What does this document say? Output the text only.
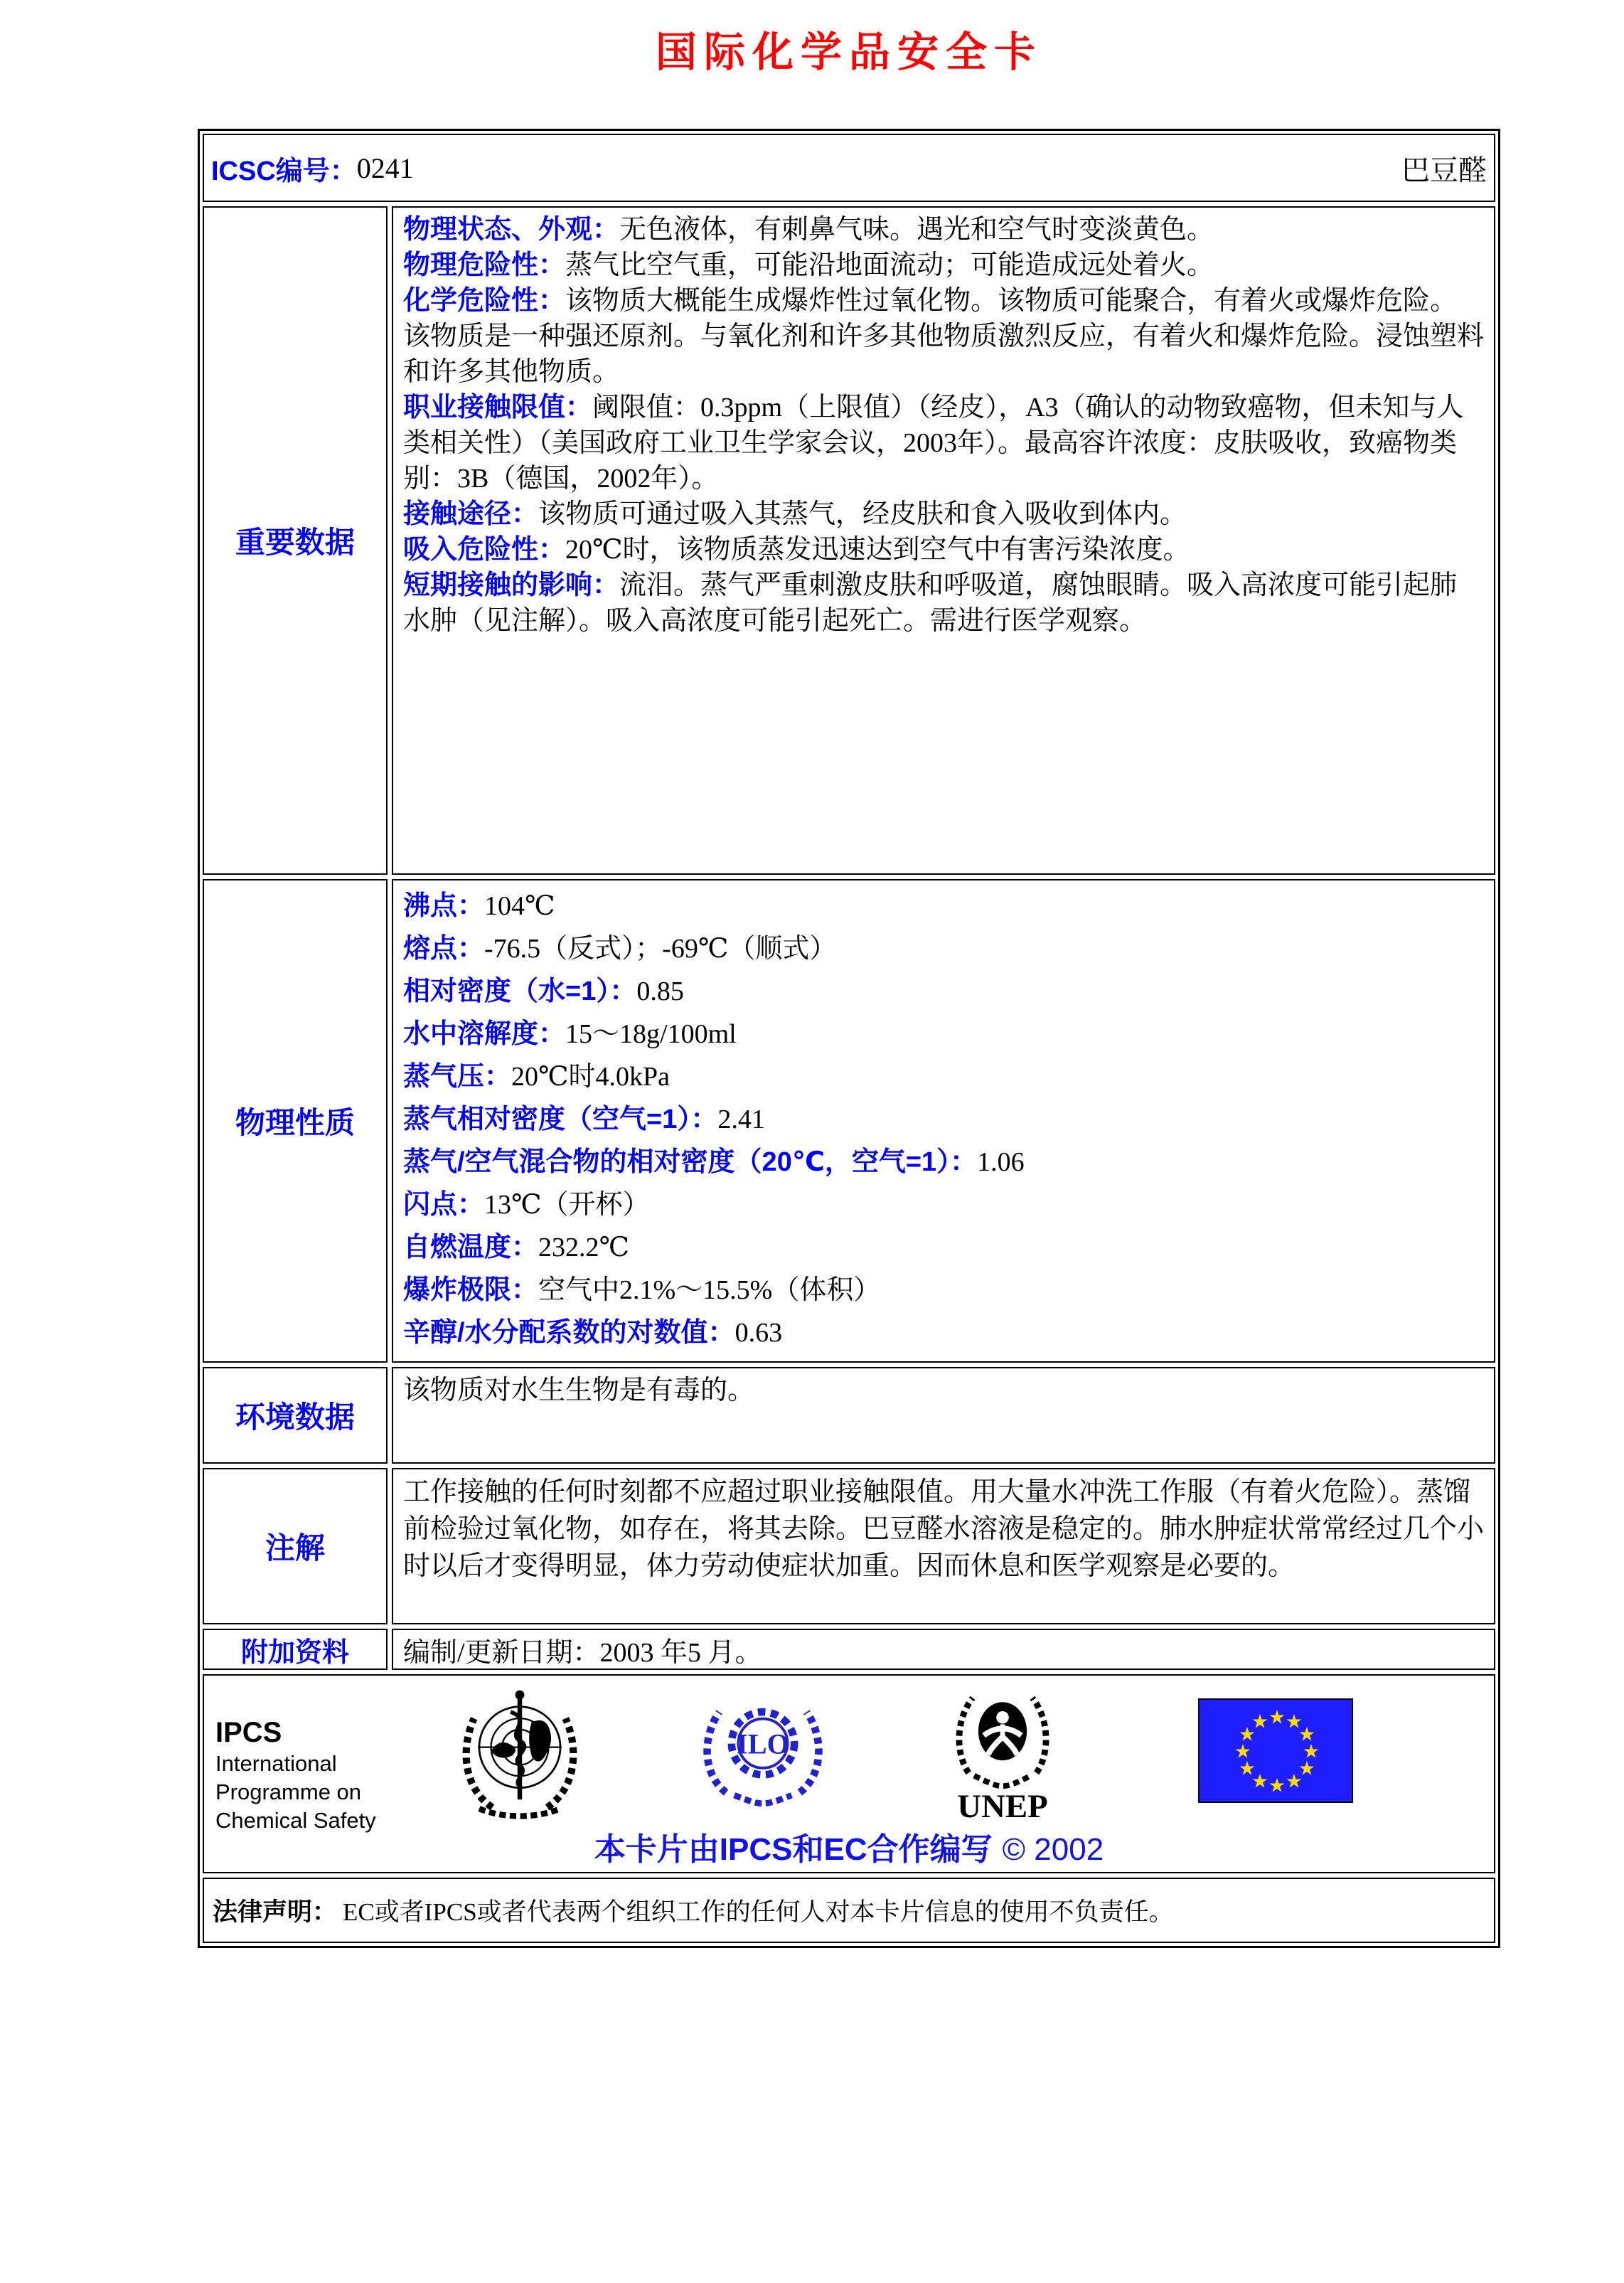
国际化学品安全卡
ICSC编号： 0241	巴豆醛
重要数据
物理状态、外观：无色液体，有刺鼻气味。遇光和空气时变淡黄色。
物理危险性：蒸气比空气重，可能沿地面流动；可能造成远处着火。
化学危险性：该物质大概能生成爆炸性过氧化物。该物质可能聚合，有着火或爆炸危险。该物质是一种强还原剂。与氧化剂和许多其他物质激烈反应，有着火和爆炸危险。浸蚀塑料和许多其他物质。
职业接触限值：阈限值：0.3ppm（上限值）（经皮），A3（确认的动物致癌物，但未知与人类相关性）（美国政府工业卫生学家会议，2003年）。最高容许浓度：皮肤吸收，致癌物类别：3B（德国，2002年）。
接触途径：该物质可通过吸入其蒸气，经皮肤和食入吸收到体内。
吸入危险性：20℃时，该物质蒸发迅速达到空气中有害污染浓度。
短期接触的影响：流泪。蒸气严重刺激皮肤和呼吸道，腐蚀眼睛。吸入高浓度可能引起肺水肿（见注解）。吸入高浓度可能引起死亡。需进行医学观察。
物理性质
沸点：104℃
熔点：-76.5（反式）；-69℃（顺式）
相对密度（水=1）：0.85
水中溶解度：15～18g/100ml
蒸气压：20℃时4.0kPa
蒸气相对密度（空气=1）：2.41
蒸气/空气混合物的相对密度（20℃，空气=1）：1.06
闪点：13℃（开杯）
自燃温度：232.2℃
爆炸极限：空气中2.1%～15.5%（体积）
辛醇/水分配系数的对数值：0.63
环境数据
该物质对水生生物是有毒的。
注解
工作接触的任何时刻都不应超过职业接触限值。用大量水冲洗工作服（有着火危险）。蒸馏前检验过氧化物，如存在，将其去除。巴豆醛水溶液是稳定的。肺水肿症状常常经过几个小时以后才变得明显，体力劳动使症状加重。因而休息和医学观察是必要的。
附加资料	编制/更新日期：2003 年5 月。
IPCS
International
Programme on
Chemical Safety
ILO
UNEP
★ ★
★
★
★
★
★
★
★
★
★
★
本卡片由IPCS和EC合作编写 © 2002
法律声明： EC或者IPCS或者代表两个组织工作的任何人对本卡片信息的使用不负责任。
